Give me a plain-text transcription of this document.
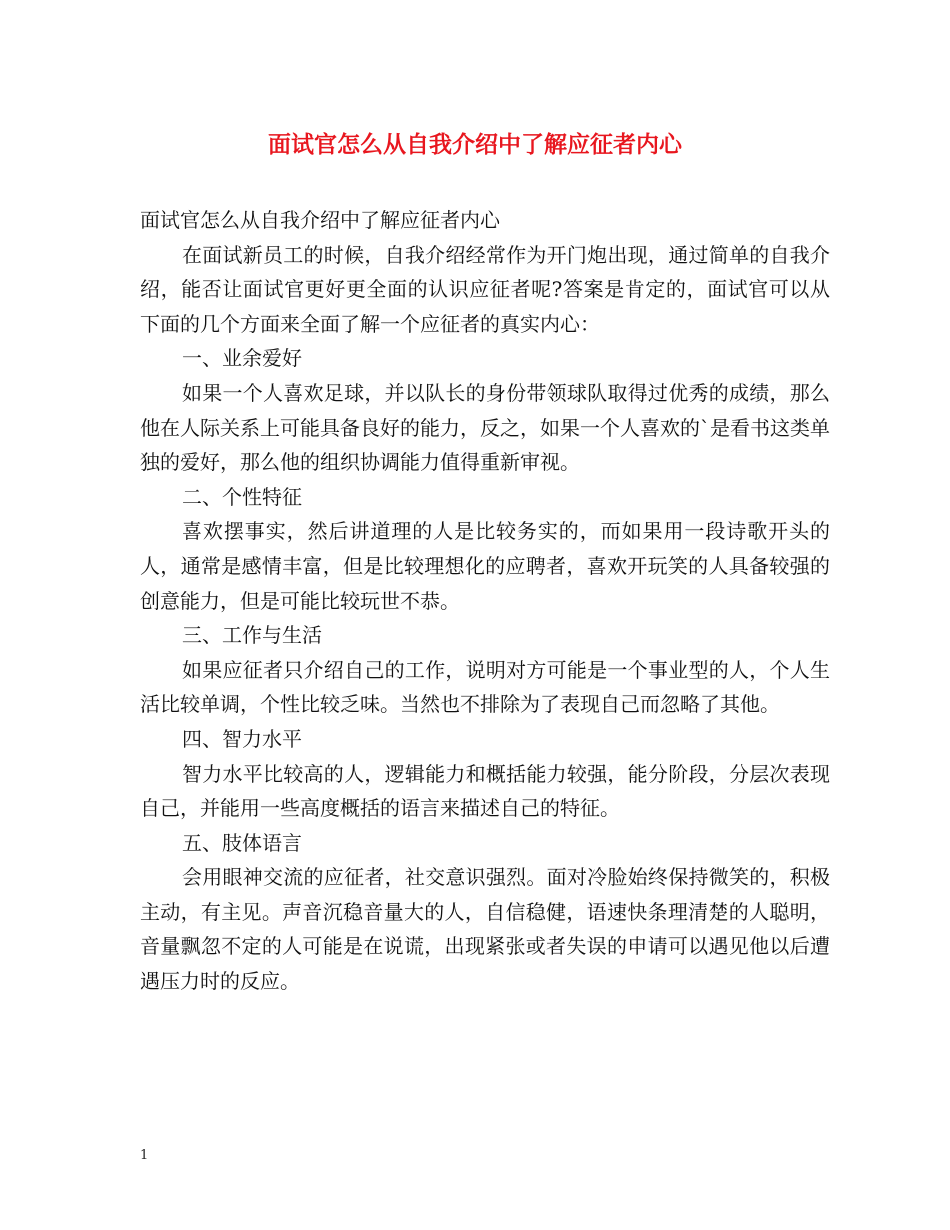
面试官怎么从自我介绍中了解应征者内心

面试官怎么从自我介绍中了解应征者内心

在面试新员工的时候，自我介绍经常作为开门炮出现，通过简单的自我介绍，能否让面试官更好更全面的认识应征者呢?答案是肯定的，面试官可以从下面的几个方面来全面了解一个应征者的真实内心：

一、业余爱好

如果一个人喜欢足球，并以队长的身份带领球队取得过优秀的成绩，那么他在人际关系上可能具备良好的能力，反之，如果一个人喜欢的`是看书这类单独的爱好，那么他的组织协调能力值得重新审视。

二、个性特征

喜欢摆事实，然后讲道理的人是比较务实的，而如果用一段诗歌开头的人，通常是感情丰富，但是比较理想化的应聘者，喜欢开玩笑的人具备较强的创意能力，但是可能比较玩世不恭。

三、工作与生活

如果应征者只介绍自己的工作，说明对方可能是一个事业型的人，个人生活比较单调，个性比较乏味。当然也不排除为了表现自己而忽略了其他。

四、智力水平

智力水平比较高的人，逻辑能力和概括能力较强，能分阶段，分层次表现自己，并能用一些高度概括的语言来描述自己的特征。

五、肢体语言

会用眼神交流的应征者，社交意识强烈。面对冷脸始终保持微笑的，积极主动，有主见。声音沉稳音量大的人，自信稳健，语速快条理清楚的人聪明，音量飘忽不定的人可能是在说谎，出现紧张或者失误的申请可以遇见他以后遭遇压力时的反应。

1
